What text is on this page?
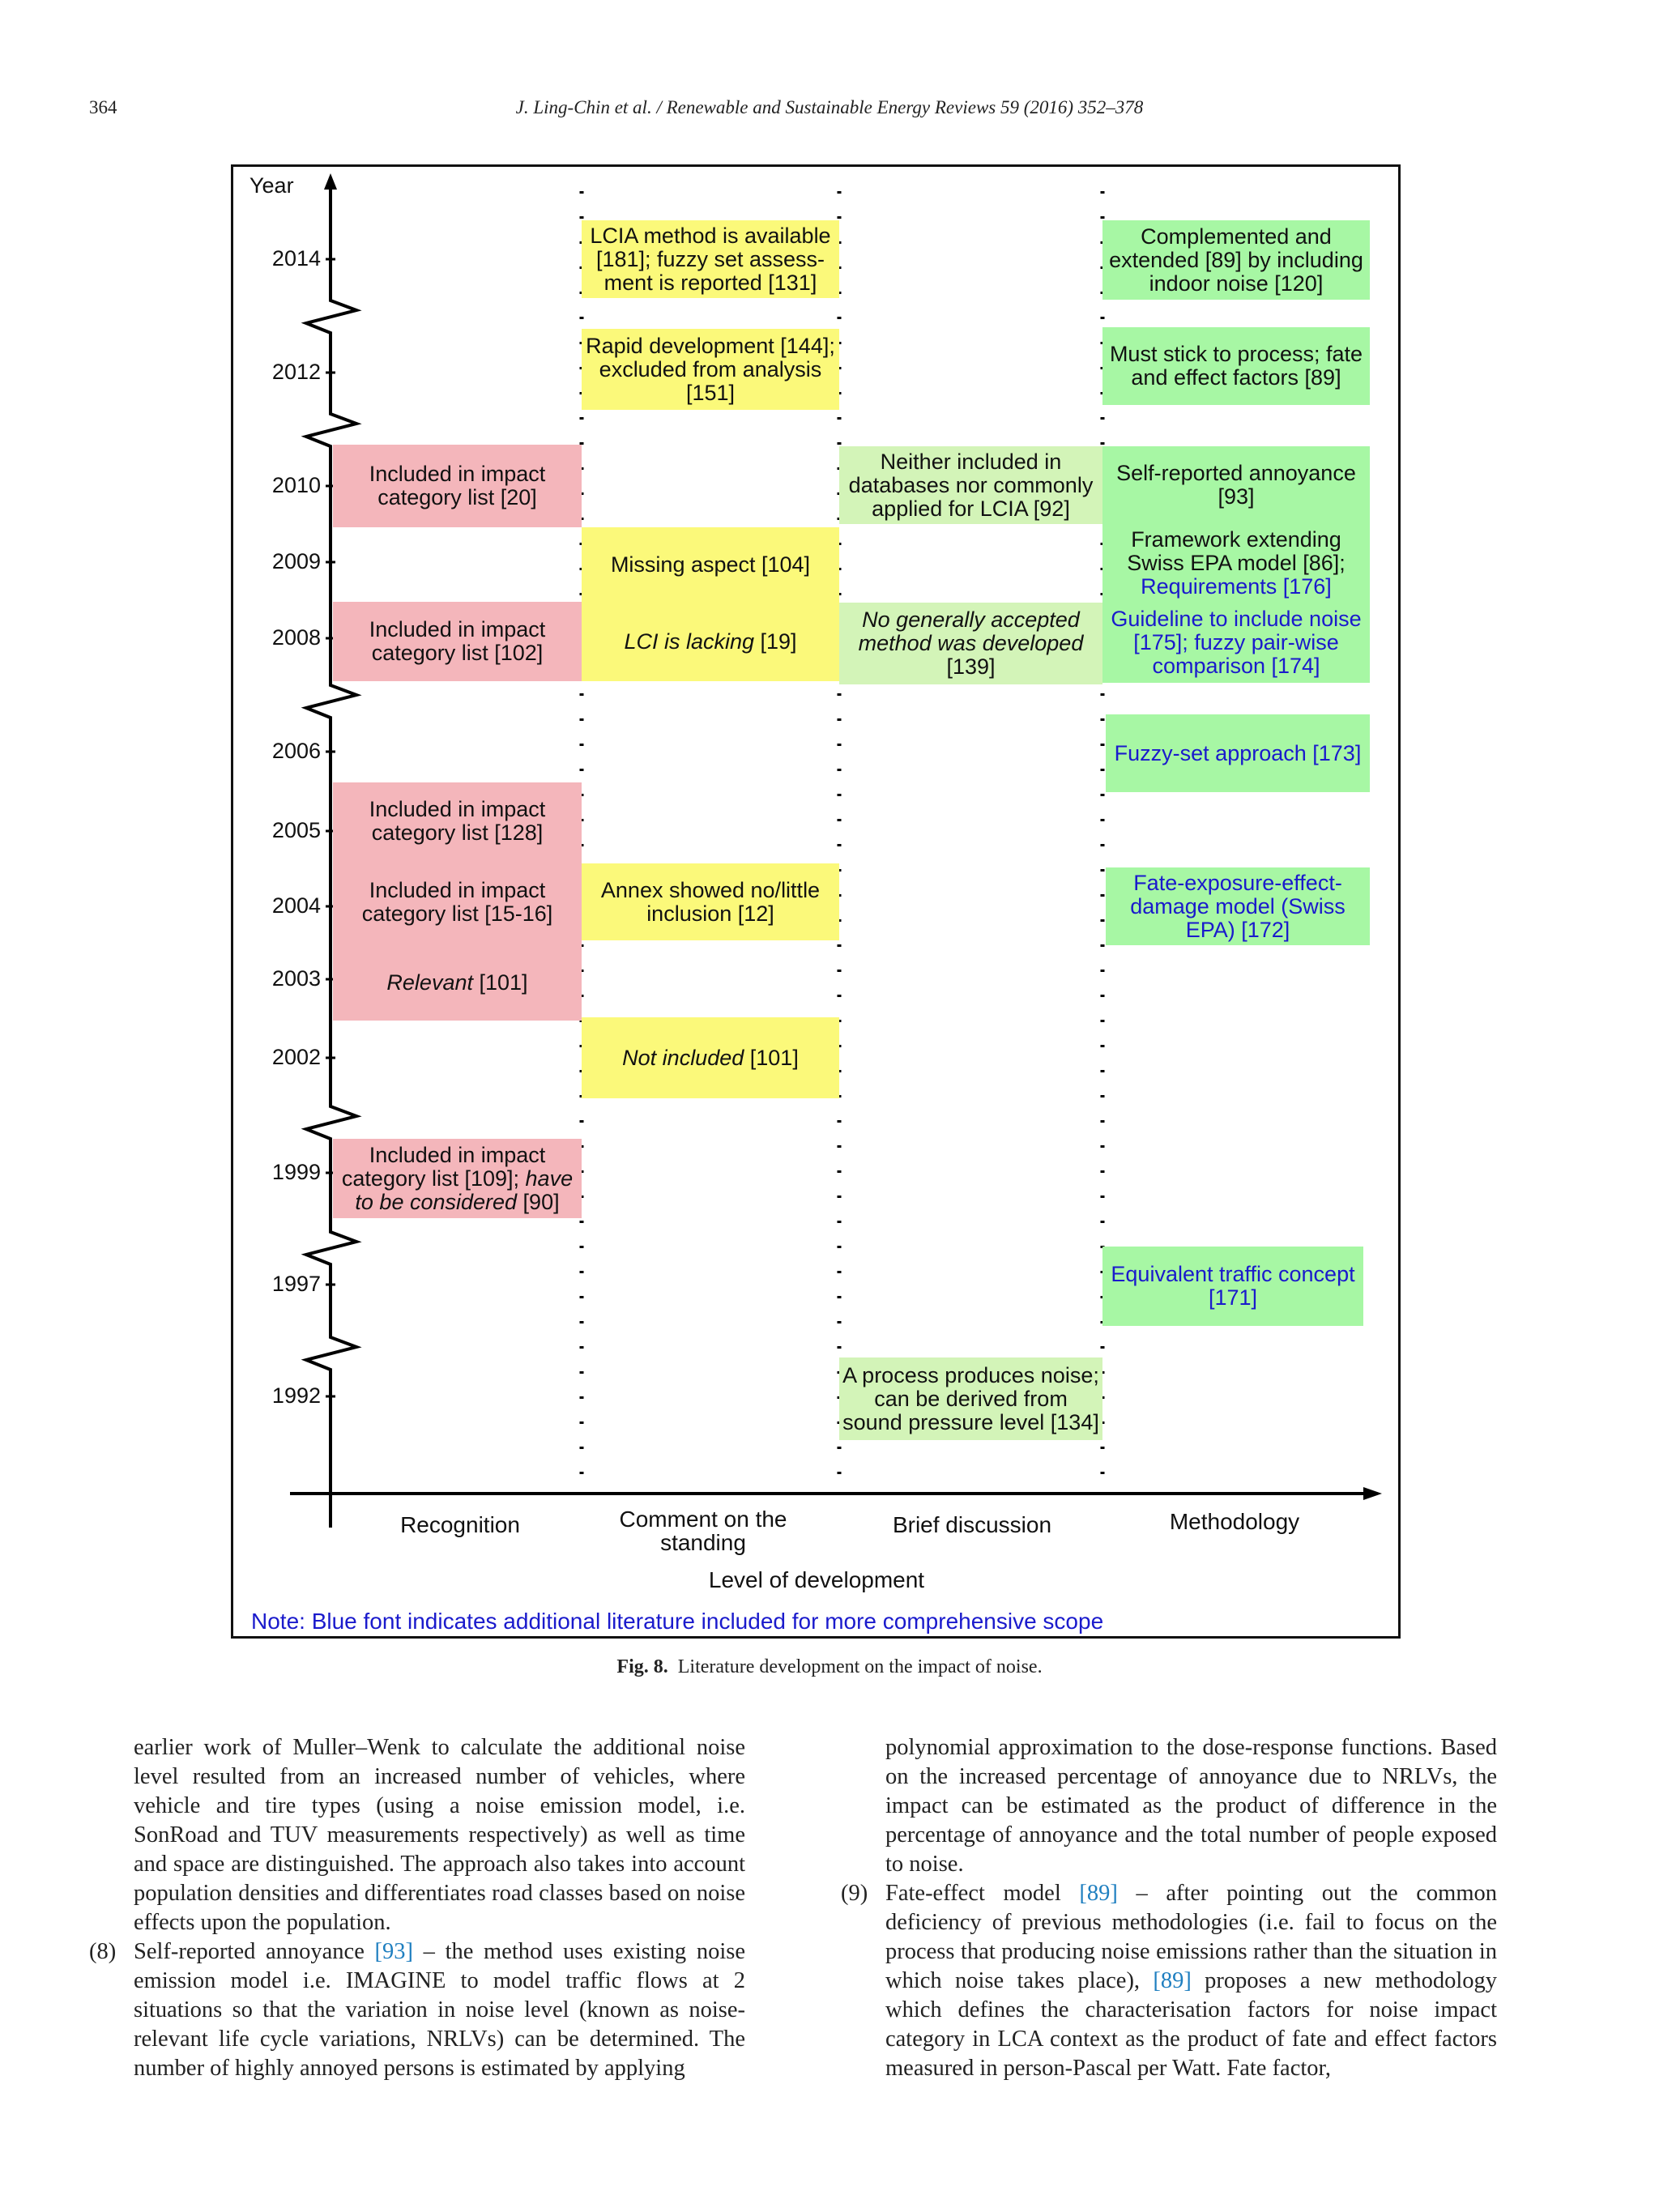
364	J. Ling-Chin et al. / Renewable and Sustainable Energy Reviews 59 (2016) 352–378
Year
2014
2012
2010
2009
2008
2006
2005
2004
2003
2002
1999
1997
1992
Included in impact category list [20]
Included in impact category list [102]
Included in impact category list [128]
Included in impact category list [15-16]
Relevant [101]
Included in impact category list [109]; have to be considered [90]
LCIA method is available [181]; fuzzy set assess-ment is reported [131]
Rapid development [144]; excluded from analysis [151]
Missing aspect [104]
LCI is lacking [19]
Annex showed no/little inclusion [12]
Not included [101]
Neither included in databases nor commonly applied for LCIA [92]
No generally accepted method was developed [139]
A process produces noise; can be derived from sound pressure level [134]
Complemented and extended [89] by including indoor noise [120]
Must stick to process; fate and effect factors [89]
Self-reported annoyance [93]
Framework extending Swiss EPA model [86];
Requirements [176]
Guideline to include noise [175]; fuzzy pair-wise comparison [174]
Fuzzy-set approach [173]
Fate-exposure-effect-damage model (Swiss EPA) [172]
Equivalent traffic concept [171]
Recognition	Comment on the standing
Brief discussion	Methodology
Level of development
Note: Blue font indicates additional literature included for more comprehensive scope
Fig. 8. Literature development on the impact of noise.

earlier work of Muller–Wenk to calculate the additional noise level resulted from an increased number of vehicles, where vehicle and tire types (using a noise emission model, i.e. SonRoad and TUV measurements respectively) as well as time and space are distinguished. The approach also takes into account population densities and differentiates road classes based on noise effects upon the population.

(8) Self-reported annoyance [93] – the method uses existing noise emission model i.e. IMAGINE to model traffic flows at 2 situations so that the variation in noise level (known as noise-relevant life cycle variations, NRLVs) can be determined. The number of highly annoyed persons is estimated by applying

polynomial approximation to the dose-response functions. Based on the increased percentage of annoyance due to NRLVs, the impact can be estimated as the product of difference in the percentage of annoyance and the total number of people exposed to noise.

(9) Fate-effect model [89] – after pointing out the common deficiency of previous methodologies (i.e. fail to focus on the process that producing noise emissions rather than the situation in which noise takes place), [89] proposes a new methodology which defines the characterisation factors for noise impact category in LCA context as the product of fate and effect factors measured in person-Pascal per Watt. Fate factor,
